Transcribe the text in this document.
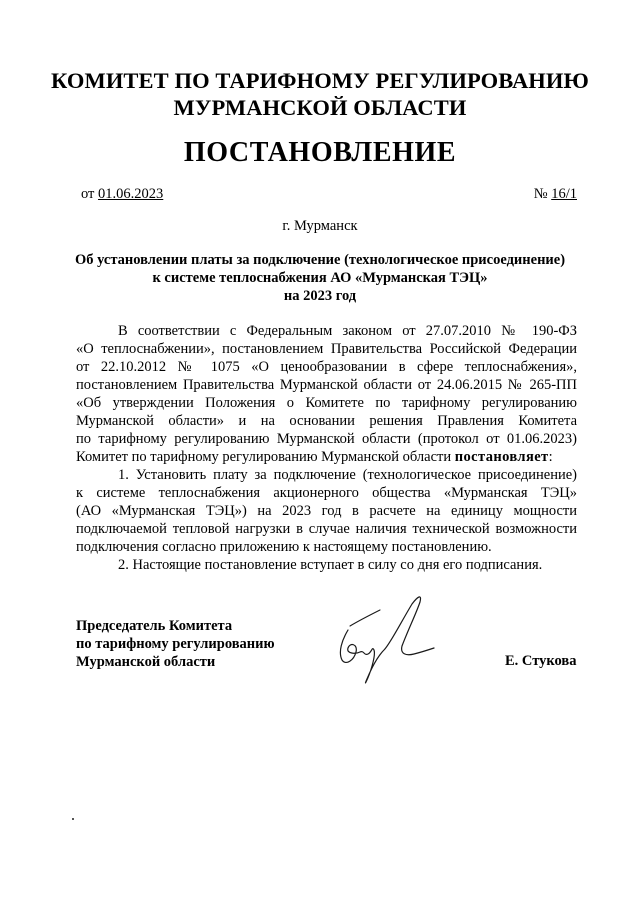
КОМИТЕТ ПО ТАРИФНОМУ РЕГУЛИРОВАНИЮ
МУРМАНСКОЙ ОБЛАСТИ
ПОСТАНОВЛЕНИЕ
от 01.06.2023	№ 16/1
г. Мурманск
Об установлении платы за подключение (технологическое присоединение)
к системе теплоснабжения АО «Мурманская ТЭЦ»
на 2023 год
В соответствии с Федеральным законом от 27.07.2010 № 190-ФЗ
«О теплоснабжении», постановлением Правительства Российской Федерации
от 22.10.2012 № 1075 «О ценообразовании в сфере теплоснабжения»,
постановлением Правительства Мурманской области от 24.06.2015 № 265-ПП
«Об утверждении Положения о Комитете по тарифному регулированию
Мурманской области» и на основании решения Правления Комитета
по тарифному регулированию Мурманской области (протокол от 01.06.2023)
Комитет по тарифному регулированию Мурманской области постановляет:
1. Установить плату за подключение (технологическое присоединение)
к системе теплоснабжения акционерного общества «Мурманская ТЭЦ»
(АО «Мурманская ТЭЦ») на 2023 год в расчете на единицу мощности
подключаемой тепловой нагрузки в случае наличия технической возможности
подключения согласно приложению к настоящему постановлению.
2. Настоящие постановление вступает в силу со дня его подписания.
Председатель Комитета
по тарифному регулированию
Мурманской области	Е. Стукова
